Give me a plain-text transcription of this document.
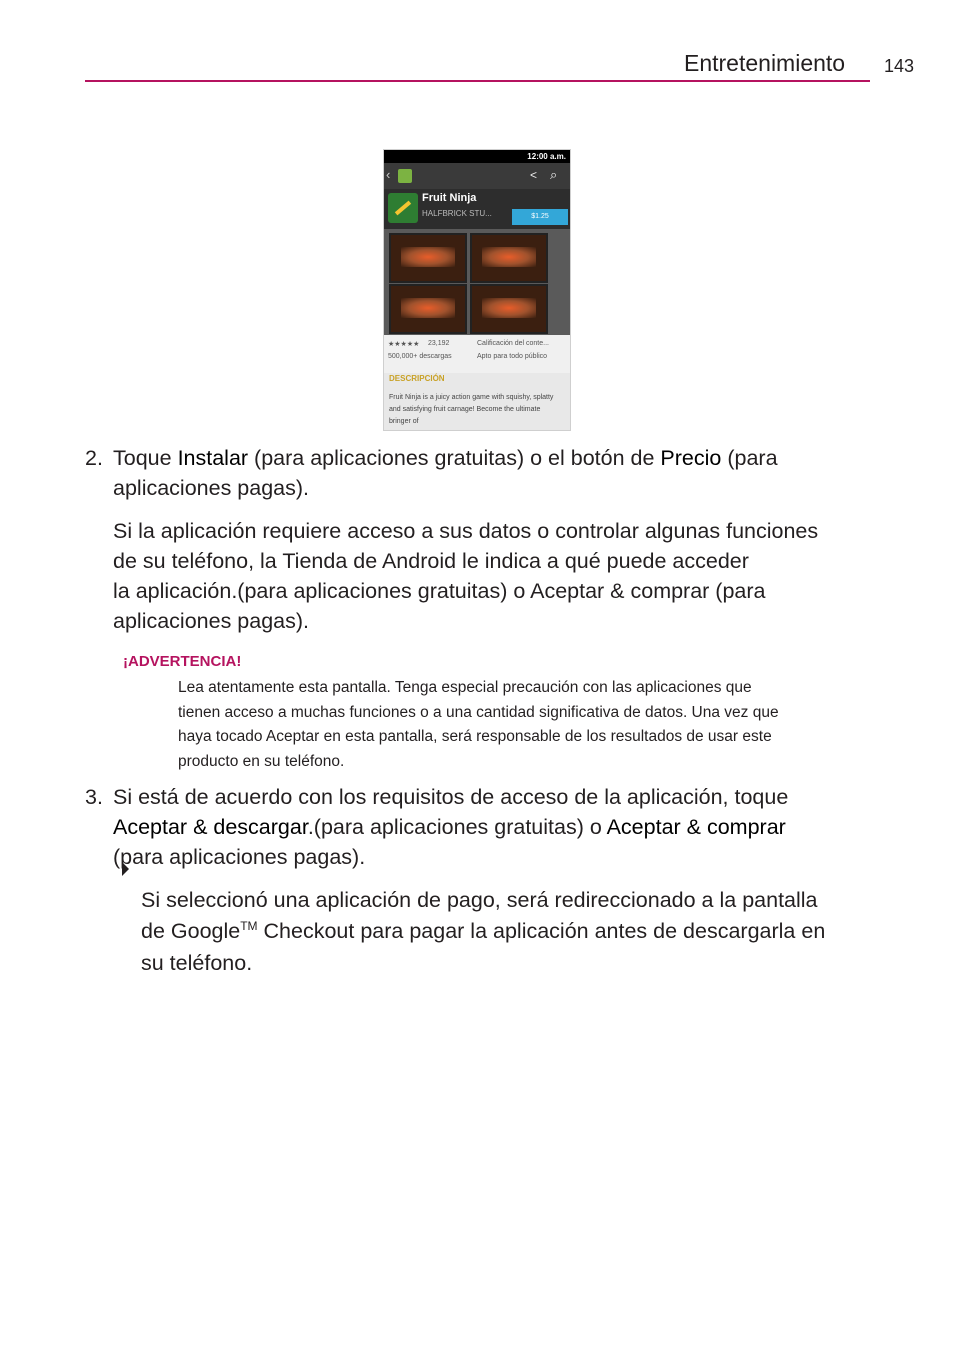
Entretenimiento 143
12:00 a.m.
‹	< ⌕
Fruit Ninja
HALFBRICK STU...	$1.25
★★★★★ 23,192	Calificación del conte...
500,000+ descargas	Apto para todo público
DESCRIPCIÓN
Fruit Ninja is a juicy action game with squishy, splatty and satisfying fruit carnage! Become the ultimate bringer of
2. Toque Instalar (para aplicaciones gratuitas) o el botón de Precio (para
aplicaciones pagas).
Si la aplicación requiere acceso a sus datos o controlar algunas funciones
de su teléfono, la Tienda de Android le indica a qué puede acceder
la aplicación.(para aplicaciones gratuitas) o Aceptar & comprar (para
aplicaciones pagas).
¡ADVERTENCIA!
Lea atentamente esta pantalla. Tenga especial precaución con las aplicaciones que
tienen acceso a muchas funciones o a una cantidad significativa de datos. Una vez que
haya tocado Aceptar en esta pantalla, será responsable de los resultados de usar este
producto en su teléfono.
3. Si está de acuerdo con los requisitos de acceso de la aplicación, toque
Aceptar & descargar.(para aplicaciones gratuitas) o Aceptar & comprar
(para aplicaciones pagas).
Si seleccionó una aplicación de pago, será redireccionado a la pantalla
de Google™ Checkout para pagar la aplicación antes de descargarla en
su teléfono.
